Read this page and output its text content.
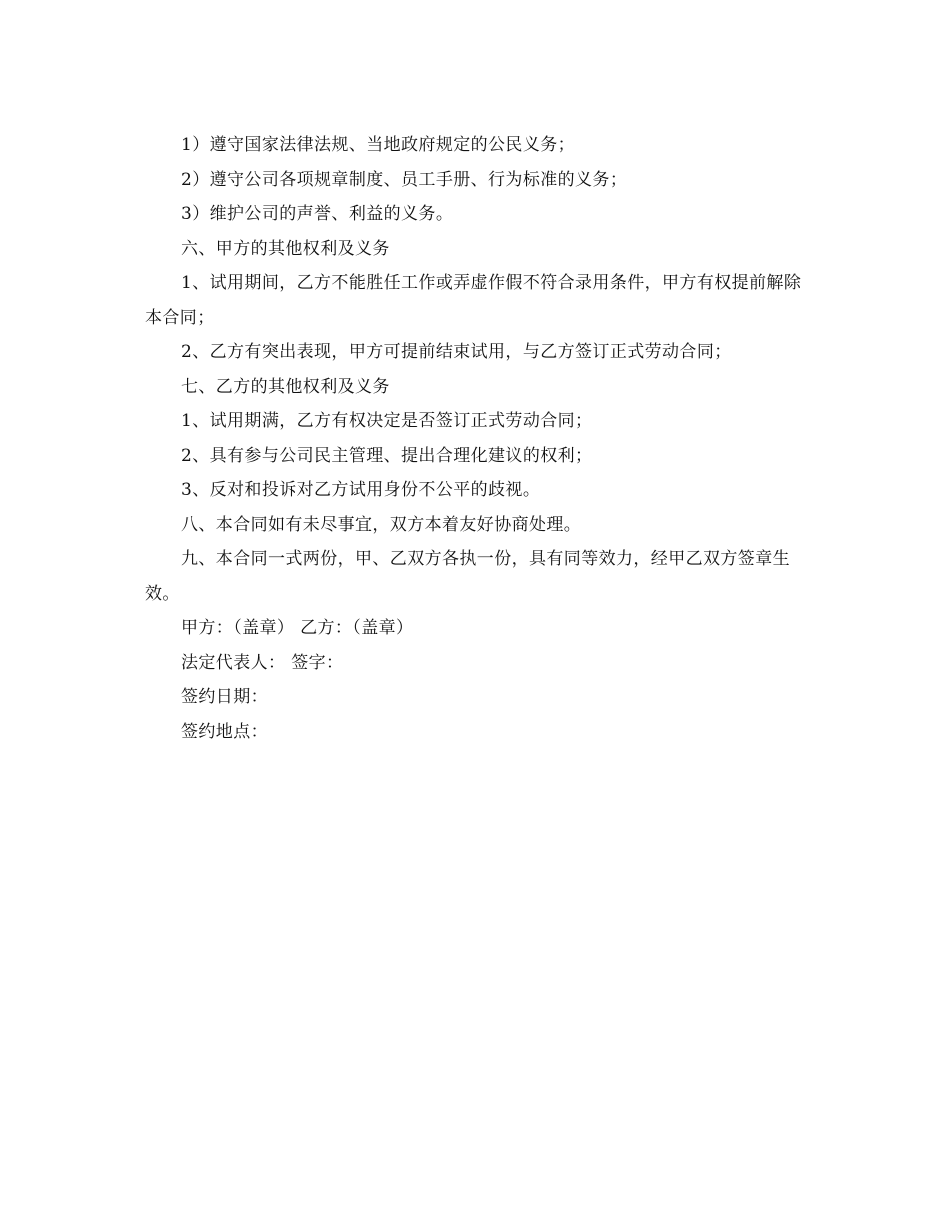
1）遵守国家法律法规、当地政府规定的公民义务；

2）遵守公司各项规章制度、员工手册、行为标准的义务；

3）维护公司的声誉、利益的义务。

六、甲方的其他权利及义务

1、试用期间，乙方不能胜任工作或弄虚作假不符合录用条件，甲方有权提前解除本合同；

2、乙方有突出表现，甲方可提前结束试用，与乙方签订正式劳动合同；

七、乙方的其他权利及义务

1、试用期满，乙方有权决定是否签订正式劳动合同；

2、具有参与公司民主管理、提出合理化建议的权利；

3、反对和投诉对乙方试用身份不公平的歧视。

八、本合同如有未尽事宜，双方本着友好协商处理。

九、本合同一式两份，甲、乙双方各执一份，具有同等效力，经甲乙双方签章生效。

甲方：（盖章） 乙方：（盖章）

法定代表人： 签字：

签约日期：

签约地点：
